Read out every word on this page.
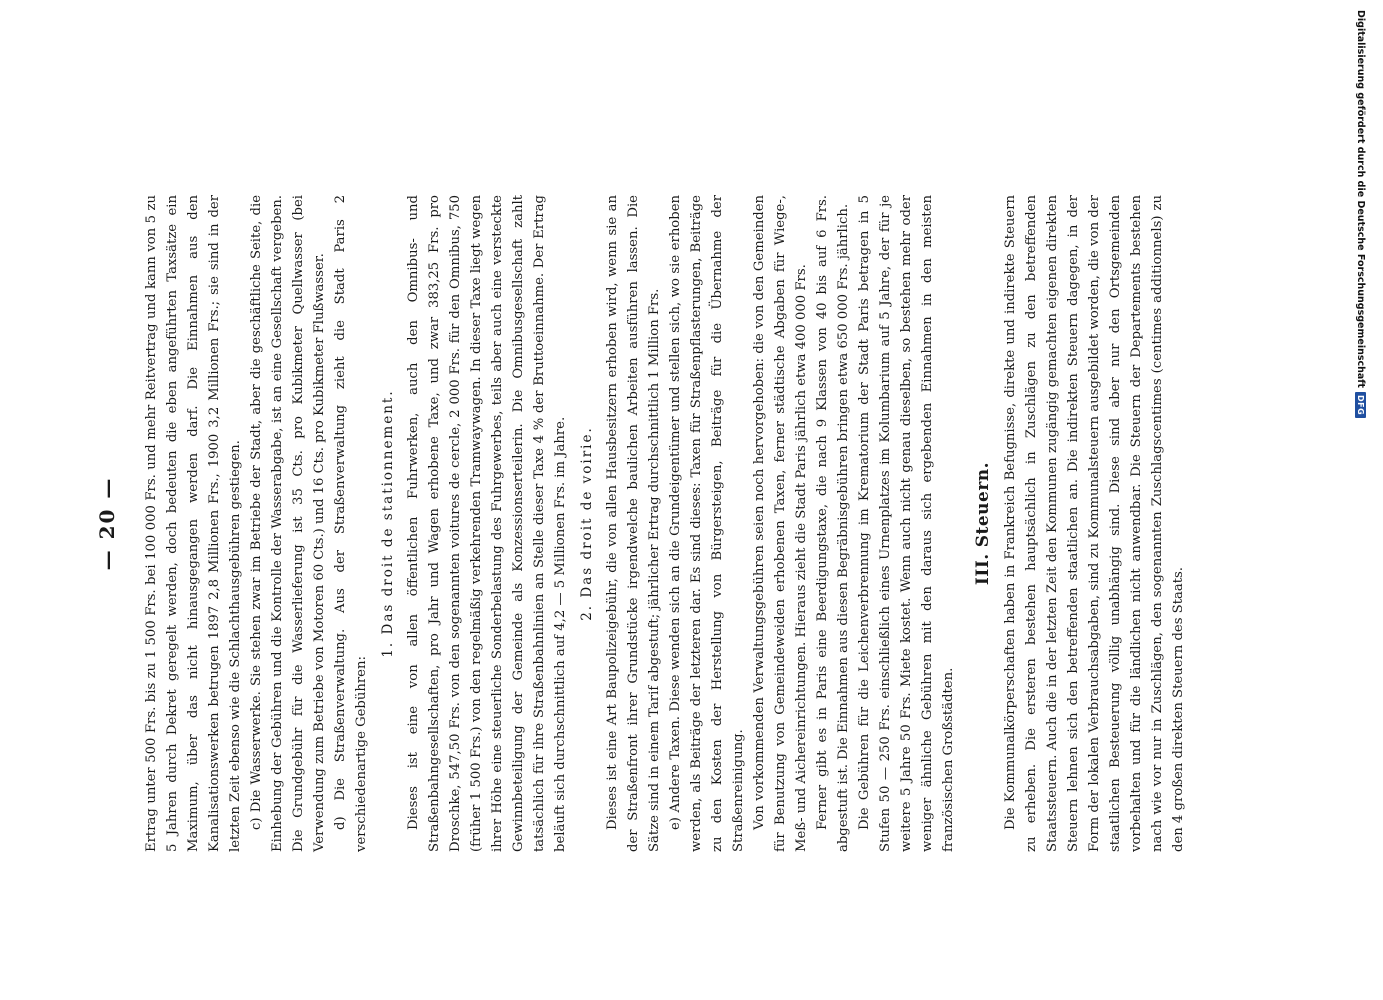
— 20 — Ertrag unter 500 Frs. bis zu 1 500 Frs. bei 100 000 Frs. und mehr Reitvertrag und kann von 5 zu 5 Jahren durch Dekret geregelt werden, doch bedeuten die eben angeführten Taxsätze ein Maximum, über das nicht hinausgegangen werden darf. Die Einnahmen aus den Kanalisationswerken betrugen 1897 2,8 Millionen Frs., 1900 3,2 Millionen Frs.; sie sind in der letzten Zeit ebenso wie die Schlachthausgebühren gestiegen. c) Die Wasserwerke. Sie stehen zwar im Betriebe der Stadt, aber die geschäftliche Seite, die Einhebung der Gebühren und die Kontrolle der Wasserabgabe, ist an eine Gesellschaft vergeben. Die Grundgebühr für die Wasserlieferung ist 35 Cts. pro Kubikmeter Quellwasser (bei Verwendung zum Betriebe von Motoren 60 Cts.) und 16 Cts. pro Kubikmeter Flußwasser. d) Die Straßenverwaltung. Aus der Straßenverwaltung zieht die Stadt Paris 2 verschiedenartige Gebühren:

1. Das droit de stationnement. Dieses ist eine von allen öffentlichen Fuhrwerken, auch den Omnibus- und Straßenbahngesellschaften, pro Jahr und Wagen erhobene Taxe, und zwar 383,25 Frs. pro Droschke, 547,50 Frs. von den sogenannten voitures de cercle, 2 000 Frs. für den Omnibus, 750 (früher 1 500 Frs.) von den regelmäßig verkehrenden Tramwaywagen. In dieser Taxe liegt wegen ihrer Höhe eine steuerliche Sonderbelastung des Fuhrgewerbes, teils aber auch eine versteckte Gewinnbeteiligung der Gemeinde als Konzessionserteilerin. Die Omnibusgesellschaft zahlt tatsächlich für ihre Straßenbahnlinien an Stelle dieser Taxe 4 % der Bruttoeinnahme. Der Ertrag beläuft sich durchschnittlich auf 4,2 — 5 Millionen Frs. im Jahre. 2. Das droit de voirie. Dieses ist eine Art Baupolizeigebühr, die von allen Hausbesitzern erhoben wird, wenn sie an der Straßenfront ihrer Grundstücke irgendwelche baulichen Arbeiten ausführen lassen. Die Sätze sind in einem Tarif abgestuft; jährlicher Ertrag durchschnittlich 1 Million Frs. e) Andere Taxen. Diese wenden sich an die Grundeigentümer und stellen sich, wo sie erhoben werden, als Beiträge der letzteren dar. Es sind dieses: Taxen für Straßenpflasterungen, Beiträge zu den Kosten der Herstellung von Bürgersteigen, Beiträge für die Übernahme der Straßenreinigung. Von vorkommenden Verwaltungsgebühren seien noch hervorgehoben: die von den Gemeinden für Benutzung von Gemeindeweiden erhobenen Taxen, ferner städtische Abgaben für Wiege-, Meß- und Aichereinrichtungen. Hieraus zieht die Stadt Paris jährlich etwa 400 000 Frs. Ferner gibt es in Paris eine Beerdigungstaxe, die nach 9 Klassen von 40 bis auf 6 Frs. abgestuft ist. Die Einnahmen aus diesen Begräbnisgebühren bringen etwa 650 000 Frs. jährlich. Die Gebühren für die Leichenverbrennung im Krematorium der Stadt Paris betragen in 5 Stufen 50 — 250 Frs. einschließlich eines Urnenplatzes im Kolumbarium auf 5 Jahre, der für je weitere 5 Jahre 50 Frs. Miete kostet. Wenn auch nicht genau dieselben, so bestehen mehr oder weniger ähnliche Gebühren mit den daraus sich ergebenden Einnahmen in den meisten französischen Großstädten.

III.Steuern. Die Kommunalkörperschaften haben in Frankreich Befugnisse, direkte und indirekte Steuern zu erheben. Die ersteren bestehen hauptsächlich in Zuschlägen zu den betreffenden Staatssteuern. Auch die in der letzten Zeit den Kommunen zugängig gemachten eigenen direkten Steuern lehnen sich den betreffenden staatlichen an. Die indirekten Steuern dagegen, in der Form der lokalen Verbrauchsabgaben, sind zu Kommunalsteuern ausgebildet worden, die von der staatlichen Besteuerung völlig unabhängig sind. Diese sind aber nur den Ortsgemeinden vorbehalten und für die ländlichen nicht anwendbar. Die Steuern der Departements bestehen nach wie vor nur in Zuschlägen, den sogenannten Zuschlagscentimes (centimes additionnels) zu den 4 großen direkten Steuern des Staats.

Digitalisierung gefördert durch die Deutsche Forschungsgemeinschaft
DFG
